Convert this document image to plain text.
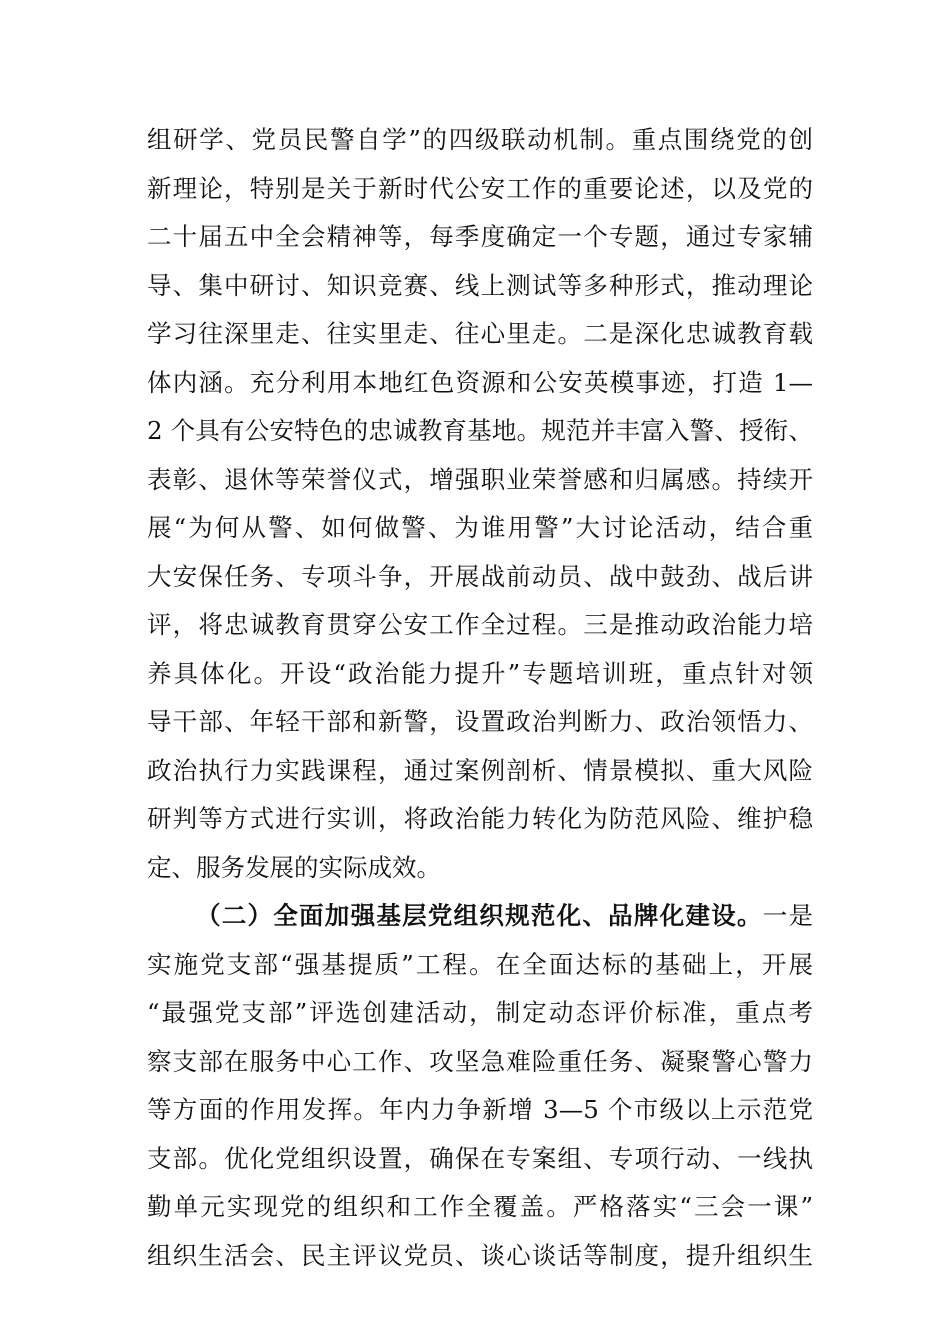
组研学、党员民警自学”的四级联动机制。重点围绕党的创
新理论，特别是关于新时代公安工作的重要论述，以及党的
二十届五中全会精神等，每季度确定一个专题，通过专家辅
导、集中研讨、知识竞赛、线上测试等多种形式，推动理论
学习往深里走、往实里走、往心里走。二是深化忠诚教育载
体内涵。充分利用本地红色资源和公安英模事迹，打造 1—
2 个具有公安特色的忠诚教育基地。规范并丰富入警、授衔、
表彰、退休等荣誉仪式，增强职业荣誉感和归属感。持续开
展“为何从警、如何做警、为谁用警”大讨论活动，结合重
大安保任务、专项斗争，开展战前动员、战中鼓劲、战后讲
评，将忠诚教育贯穿公安工作全过程。三是推动政治能力培
养具体化。开设“政治能力提升”专题培训班，重点针对领
导干部、年轻干部和新警，设置政治判断力、政治领悟力、
政治执行力实践课程，通过案例剖析、情景模拟、重大风险
研判等方式进行实训，将政治能力转化为防范风险、维护稳
定、服务发展的实际成效。
（二）全面加强基层党组织规范化、品牌化建设。一是
实施党支部“强基提质”工程。在全面达标的基础上，开展
“最强党支部”评选创建活动，制定动态评价标准，重点考
察支部在服务中心工作、攻坚急难险重任务、凝聚警心警力
等方面的作用发挥。年内力争新增 3—5 个市级以上示范党
支部。优化党组织设置，确保在专案组、专项行动、一线执
勤单元实现党的组织和工作全覆盖。严格落实“三会一课”
组织生活会、民主评议党员、谈心谈话等制度，提升组织生
